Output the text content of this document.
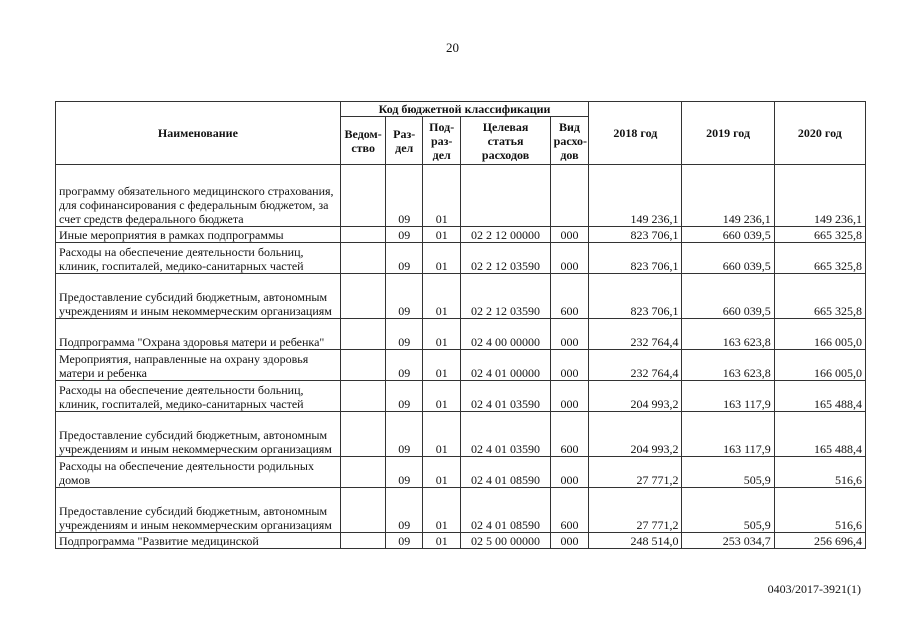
20
Наименование	Код бюджетной классификации					2018 год	2019 год	2020 год
	Ведом-ство	Раз-дел	Под-раз-дел	Целевая статья расходов	Вид расхо-дов			
программу обязательного медицинского страхования, для софинансирования с федеральным бюджетом, за счет средств федерального бюджета		09	01			149 236,1	149 236,1	149 236,1
Иные мероприятия в рамках подпрограммы		09	01	02 2 12 00000	000	823 706,1	660 039,5	665 325,8
Расходы на обеспечение деятельности больниц, клиник, госпиталей, медико-санитарных частей		09	01	02 2 12 03590	000	823 706,1	660 039,5	665 325,8
Предоставление субсидий бюджетным, автономным учреждениям и иным некоммерческим организациям		09	01	02 2 12 03590	600	823 706,1	660 039,5	665 325,8
Подпрограмма "Охрана здоровья матери и ребенка"		09	01	02 4 00 00000	000	232 764,4	163 623,8	166 005,0
Мероприятия, направленные на охрану здоровья матери и ребенка		09	01	02 4 01 00000	000	232 764,4	163 623,8	166 005,0
Расходы на обеспечение деятельности больниц, клиник, госпиталей, медико-санитарных частей		09	01	02 4 01 03590	000	204 993,2	163 117,9	165 488,4
Предоставление субсидий бюджетным, автономным учреждениям и иным некоммерческим организациям		09	01	02 4 01 03590	600	204 993,2	163 117,9	165 488,4
Расходы на обеспечение деятельности родильных домов		09	01	02 4 01 08590	000	27 771,2	505,9	516,6
Предоставление субсидий бюджетным, автономным учреждениям и иным некоммерческим организациям		09	01	02 4 01 08590	600	27 771,2	505,9	516,6
Подпрограмма "Развитие медицинской		09	01	02 5 00 00000	000	248 514,0	253 034,7	256 696,4
0403/2017-3921(1)
